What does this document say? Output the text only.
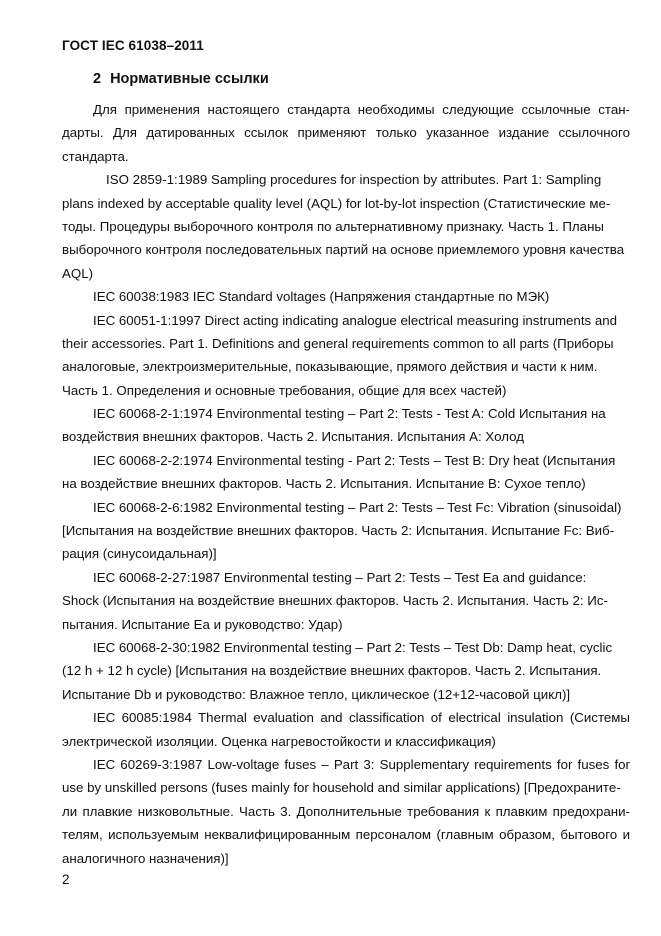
ГОСТ IEC 61038–2011
2 Нормативные ссылки
Для применения настоящего стандарта необходимы следующие ссылочные стан-
дарты. Для датированных ссылок применяют только указанное издание ссылочного
стандарта.
ISO 2859-1:1989 Sampling procedures for inspection by attributes. Part 1: Sampling
plans indexed by acceptable quality level (AQL) for lot-by-lot inspection (Статистические ме-
тоды. Процедуры выборочного контроля по альтернативному признаку. Часть 1. Планы
выборочного контроля последовательных партий на основе приемлемого уровня качества
AQL)
IEC 60038:1983 IEC Standard voltages (Напряжения стандартные по МЭК)
IEC 60051-1:1997 Direct acting indicating analogue electrical measuring instruments and
their accessories. Part 1. Definitions and general requirements common to all parts (Приборы
аналоговые, электроизмерительные, показывающие, прямого действия и части к ним.
Часть 1. Определения и основные требования, общие для всех частей)
IEC 60068-2-1:1974 Environmental testing – Part 2: Tests - Test A: Cold Испытания на
воздействия внешних факторов. Часть 2. Испытания. Испытания A: Холод
IEC 60068-2-2:1974 Environmental testing - Part 2: Tests – Test B: Dry heat (Испытания
на воздействие внешних факторов. Часть 2. Испытания. Испытание B: Сухое тепло)
IEC 60068-2-6:1982 Environmental testing – Part 2: Tests – Test Fc: Vibration (sinusoidal)
[Испытания на воздействие внешних факторов. Часть 2: Испытания. Испытание Fc: Виб-
рация (синусоидальная)]
IEC 60068-2-27:1987 Environmental testing – Part 2: Tests – Test Ea and guidance:
Shock (Испытания на воздействие внешних факторов. Часть 2. Испытания. Часть 2: Ис-
пытания. Испытание Ea и руководство: Удар)
IEC 60068-2-30:1982 Environmental testing – Part 2: Tests – Test Db: Damp heat, cyclic
(12 h + 12 h cycle) [Испытания на воздействие внешних факторов. Часть 2. Испытания.
Испытание Db и руководство: Влажное тепло, циклическое (12+12-часовой цикл)]
IEC 60085:1984 Thermal evaluation and classification of electrical insulation (Системы
электрической изоляции. Оценка нагревостойкости и классификация)
IEC 60269-3:1987 Low-voltage fuses – Part 3: Supplementary requirements for fuses for
use by unskilled persons (fuses mainly for household and similar applications) [Предохраните-
ли плавкие низковольтные. Часть 3. Дополнительные требования к плавким предохрани-
телям, используемым неквалифицированным персоналом (главным образом, бытового и
аналогичного назначения)]
2
